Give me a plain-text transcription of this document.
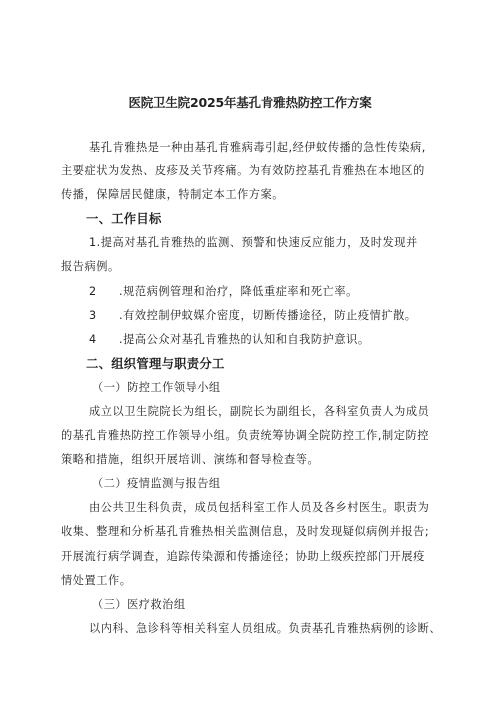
医院卫生院2025年基孔肯雅热防控工作方案
基孔肯雅热是一种由基孔肯雅病毒引起,经伊蚊传播的急性传染病,
主要症状为发热、皮疹及关节疼痛。为有效防控基孔肯雅热在本地区的
传播，保障居民健康，特制定本工作方案。
一、工作目标
1.提高对基孔肯雅热的监测、预警和快速反应能力，及时发现并
报告病例。
2 .规范病例管理和治疗，降低重症率和死亡率。
3 .有效控制伊蚊媒介密度，切断传播途径，防止疫情扩散。
4 .提高公众对基孔肯雅热的认知和自我防护意识。
二、组织管理与职责分工
（一）防控工作领导小组
成立以卫生院院长为组长，副院长为副组长，各科室负责人为成员
的基孔肯雅热防控工作领导小组。负责统筹协调全院防控工作,制定防控
策略和措施，组织开展培训、演练和督导检查等。
（二）疫情监测与报告组
由公共卫生科负责，成员包括科室工作人员及各乡村医生。职责为
收集、整理和分析基孔肯雅热相关监测信息，及时发现疑似病例并报告;
开展流行病学调查，追踪传染源和传播途径；协助上级疾控部门开展疫
情处置工作。
（三）医疗救治组
以内科、急诊科等相关科室人员组成。负责基孔肯雅热病例的诊断、
